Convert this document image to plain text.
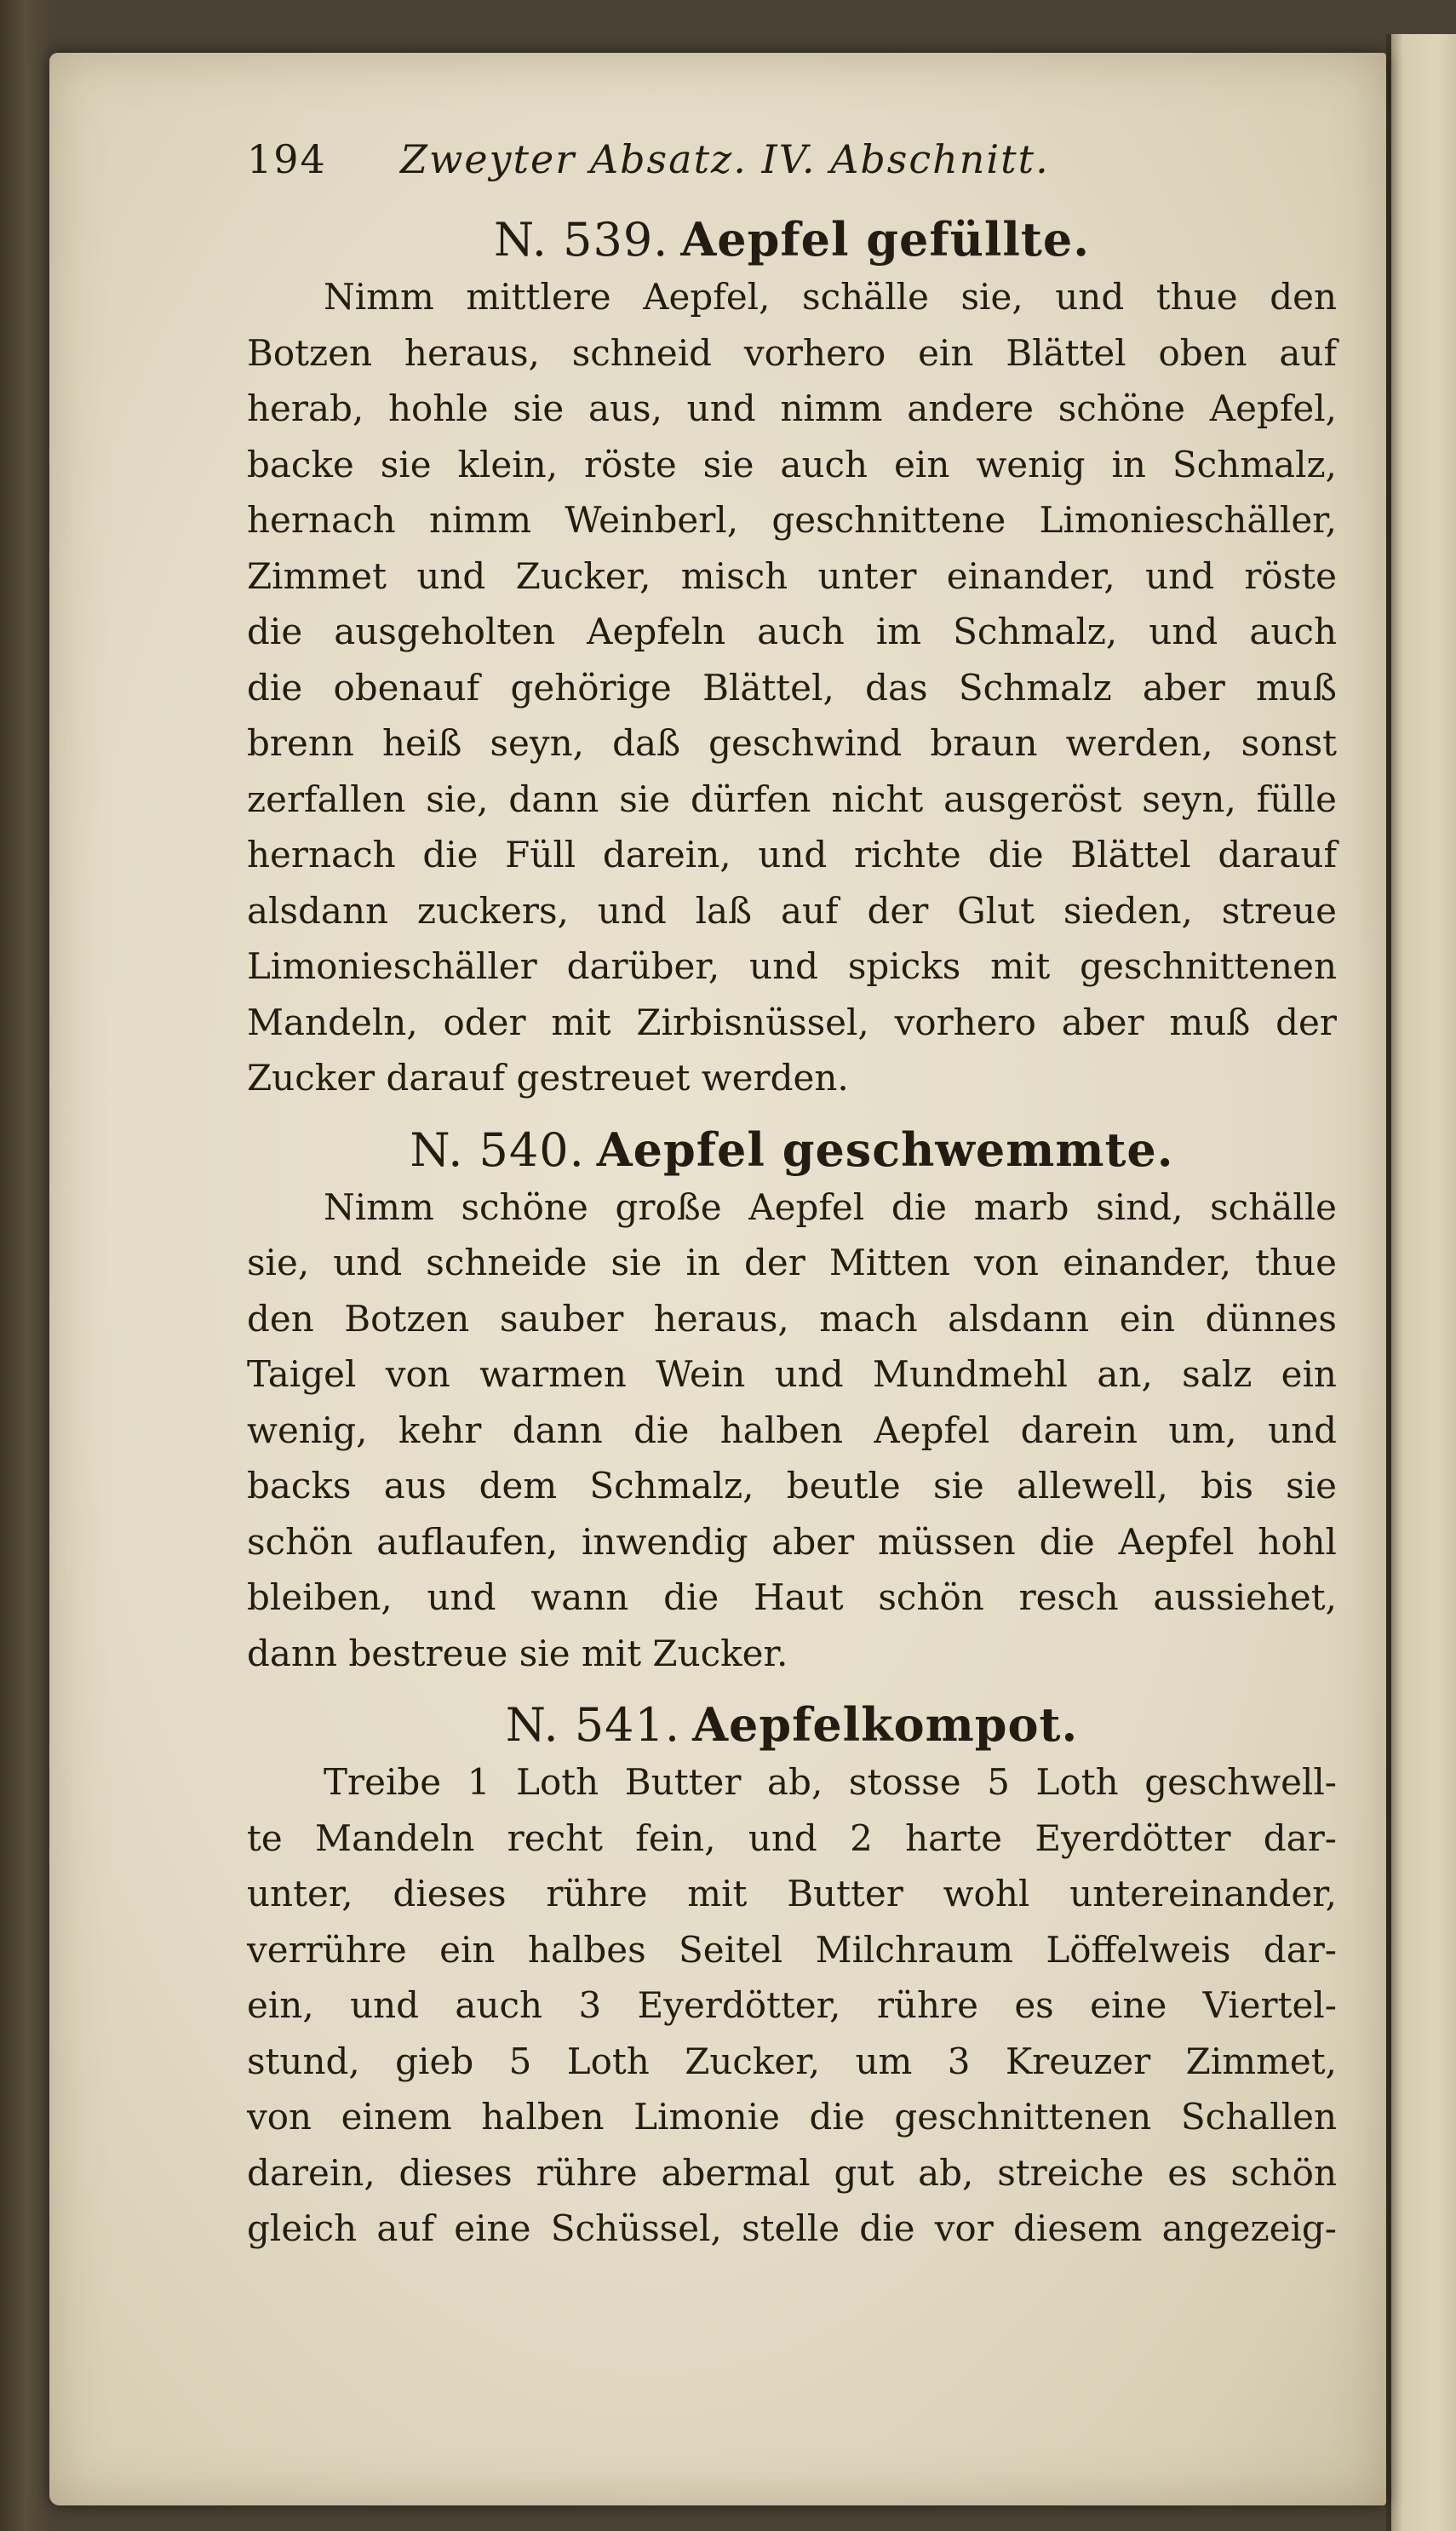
194	Zweyter Absatz. IV. Abschnitt.
N. 539. Aepfel gefüllte.
Nimm mittlere Aepfel, schälle sie, und thue den
Botzen heraus, schneid vorhero ein Blättel oben auf
herab, hohle sie aus, und nimm andere schöne Aepfel,
backe sie klein, röste sie auch ein wenig in Schmalz,
hernach nimm Weinberl, geschnittene Limonieschäller,
Zimmet und Zucker, misch unter einander, und röste
die ausgeholten Aepfeln auch im Schmalz, und auch
die obenauf gehörige Blättel, das Schmalz aber muß
brenn heiß seyn, daß geschwind braun werden, sonst
zerfallen sie, dann sie dürfen nicht ausgeröst seyn, fülle
hernach die Füll darein, und richte die Blättel darauf
alsdann zuckers, und laß auf der Glut sieden, streue
Limonieschäller darüber, und spicks mit geschnittenen
Mandeln, oder mit Zirbisnüssel, vorhero aber muß der
Zucker darauf gestreuet werden.
N. 540. Aepfel geschwemmte.
Nimm schöne große Aepfel die marb sind, schälle
sie, und schneide sie in der Mitten von einander, thue
den Botzen sauber heraus, mach alsdann ein dünnes
Taigel von warmen Wein und Mundmehl an, salz ein
wenig, kehr dann die halben Aepfel darein um, und
backs aus dem Schmalz, beutle sie allewell, bis sie
schön auflaufen, inwendig aber müssen die Aepfel hohl
bleiben, und wann die Haut schön resch aussiehet,
dann bestreue sie mit Zucker.
N. 541. Aepfelkompot.
Treibe 1 Loth Butter ab, stosse 5 Loth geschwell-
te Mandeln recht fein, und 2 harte Eyerdötter dar-
unter, dieses rühre mit Butter wohl untereinander,
verrühre ein halbes Seitel Milchraum Löffelweis dar-
ein, und auch 3 Eyerdötter, rühre es eine Viertel-
stund, gieb 5 Loth Zucker, um 3 Kreuzer Zimmet,
von einem halben Limonie die geschnittenen Schallen
darein, dieses rühre abermal gut ab, streiche es schön
gleich auf eine Schüssel, stelle die vor diesem angezeig-
